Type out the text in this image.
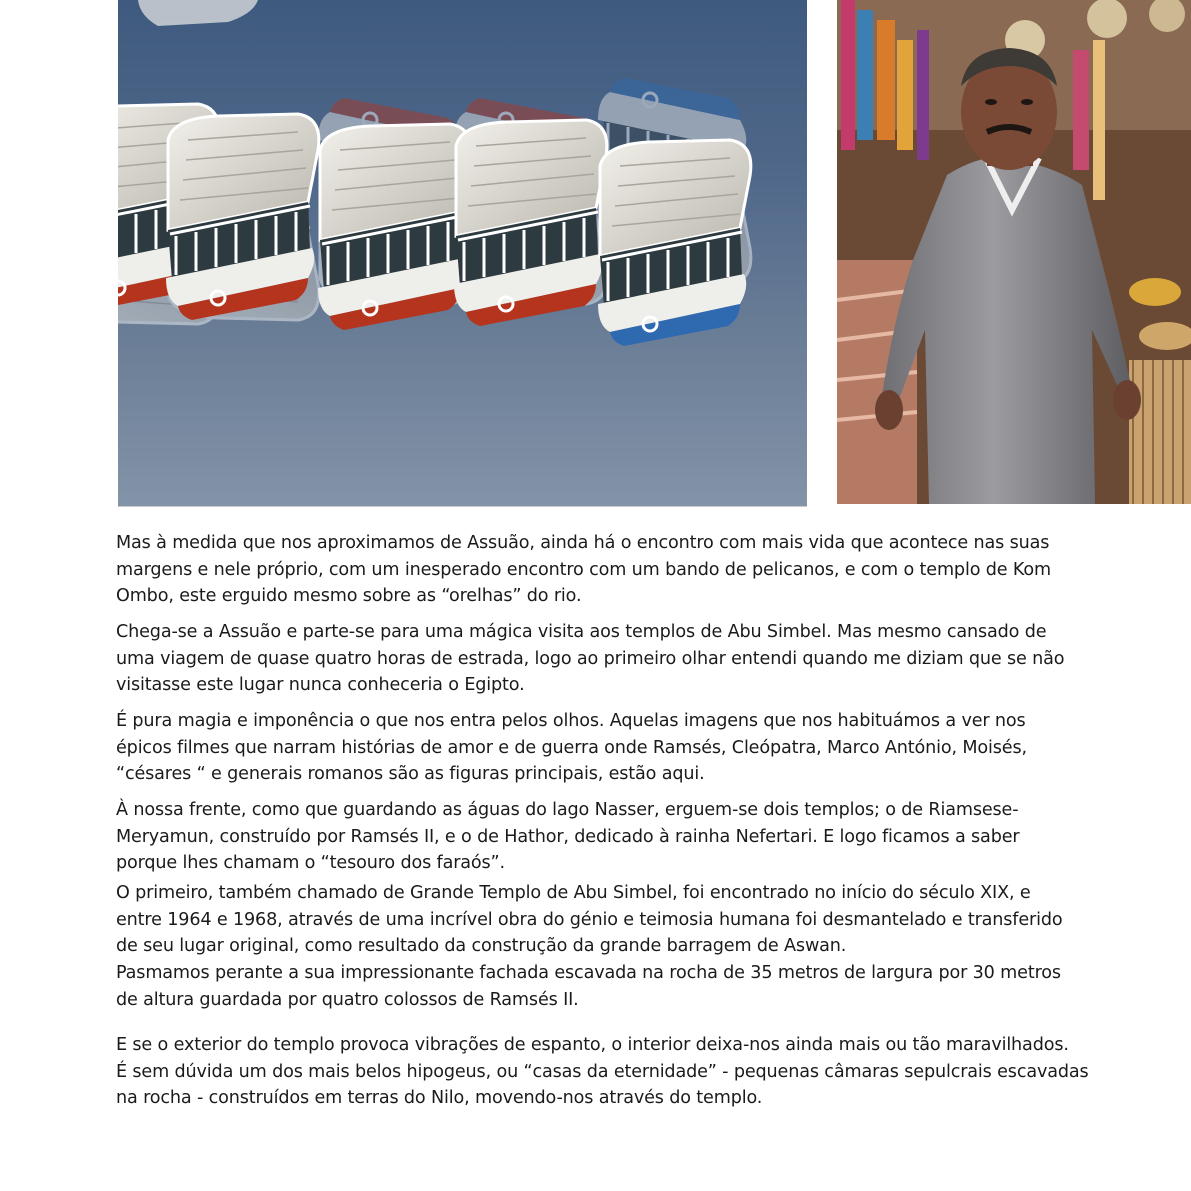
Mas à medida que nos aproximamos de Assuão, ainda há o encontro com mais vida que acontece nas suas
margens e nele próprio, com um inesperado encontro com um bando de pelicanos, e com o templo de Kom
Ombo, este erguido mesmo sobre as “orelhas” do rio.

Chega-se a Assuão e parte-se para uma mágica visita aos templos de Abu Simbel. Mas mesmo cansado de
uma viagem de quase quatro horas de estrada, logo ao primeiro olhar entendi quando me diziam que se não
visitasse este lugar nunca conheceria o Egipto.

É pura magia e imponência o que nos entra pelos olhos. Aquelas imagens que nos habituámos a ver nos
épicos filmes que narram histórias de amor e de guerra onde Ramsés, Cleópatra, Marco António, Moisés,
“césares “ e generais romanos são as figuras principais, estão aqui.

À nossa frente, como que guardando as águas do lago Nasser, erguem-se dois templos; o de Riamsese-
Meryamun, construído por Ramsés II, e o de Hathor, dedicado à rainha Nefertari. E logo ficamos a saber
porque lhes chamam o “tesouro dos faraós”.

O primeiro, também chamado de Grande Templo de Abu Simbel, foi encontrado no início do século XIX, e
entre 1964 e 1968, através de uma incrível obra do génio e teimosia humana foi desmantelado e transferido
de seu lugar original, como resultado da construção da grande barragem de Aswan.

Pasmamos perante a sua impressionante fachada escavada na rocha de 35 metros de largura por 30 metros
de altura guardada por quatro colossos de Ramsés II.

E se o exterior do templo provoca vibrações de espanto, o interior deixa-nos ainda mais ou tão maravilhados.
É sem dúvida um dos mais belos hipogeus, ou “casas da eternidade” - pequenas câmaras sepulcrais escavadas
na rocha - construídos em terras do Nilo, movendo-nos através do templo.
